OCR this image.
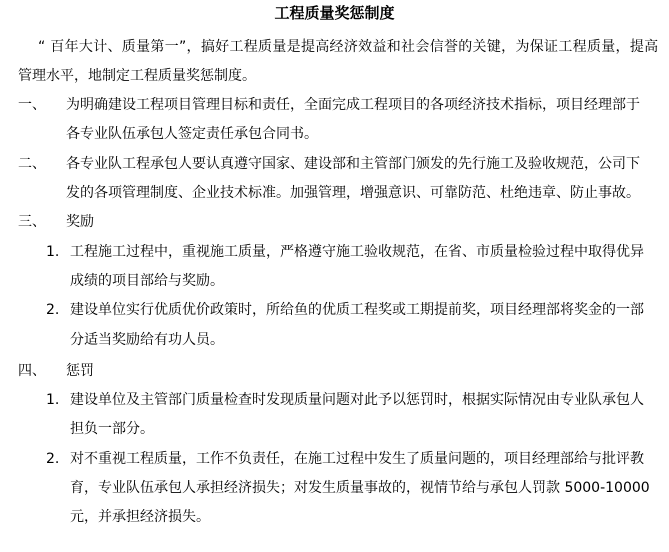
工程质量奖惩制度
“ 百年大计、质量第一”，搞好工程质量是提高经济效益和社会信誉的关键，为保证工程质量，提高
管理水平，地制定工程质量奖惩制度。
一、 为明确建设工程项目管理目标和责任，全面完成工程项目的各项经济技术指标，项目经理部于
各专业队伍承包人签定责任承包合同书。
二、 各专业队工程承包人要认真遵守国家、建设部和主管部门颁发的先行施工及验收规范，公司下
发的各项管理制度、企业技术标准。加强管理，增强意识、可靠防范、杜绝违章、防止事故。
三、 奖励
1. 工程施工过程中，重视施工质量，严格遵守施工验收规范，在省、市质量检验过程中取得优异
成绩的项目部给与奖励。
2. 建设单位实行优质优价政策时，所给鱼的优质工程奖或工期提前奖，项目经理部将奖金的一部
分适当奖励给有功人员。
四、 惩罚
1. 建设单位及主管部门质量检查时发现质量问题对此予以惩罚时，根据实际情况由专业队承包人
担负一部分。
2. 对不重视工程质量，工作不负责任，在施工过程中发生了质量问题的，项目经理部给与批评教
育，专业队伍承包人承担经济损失；对发生质量事故的，视情节给与承包人罚款 5000-10000
元，并承担经济损失。
